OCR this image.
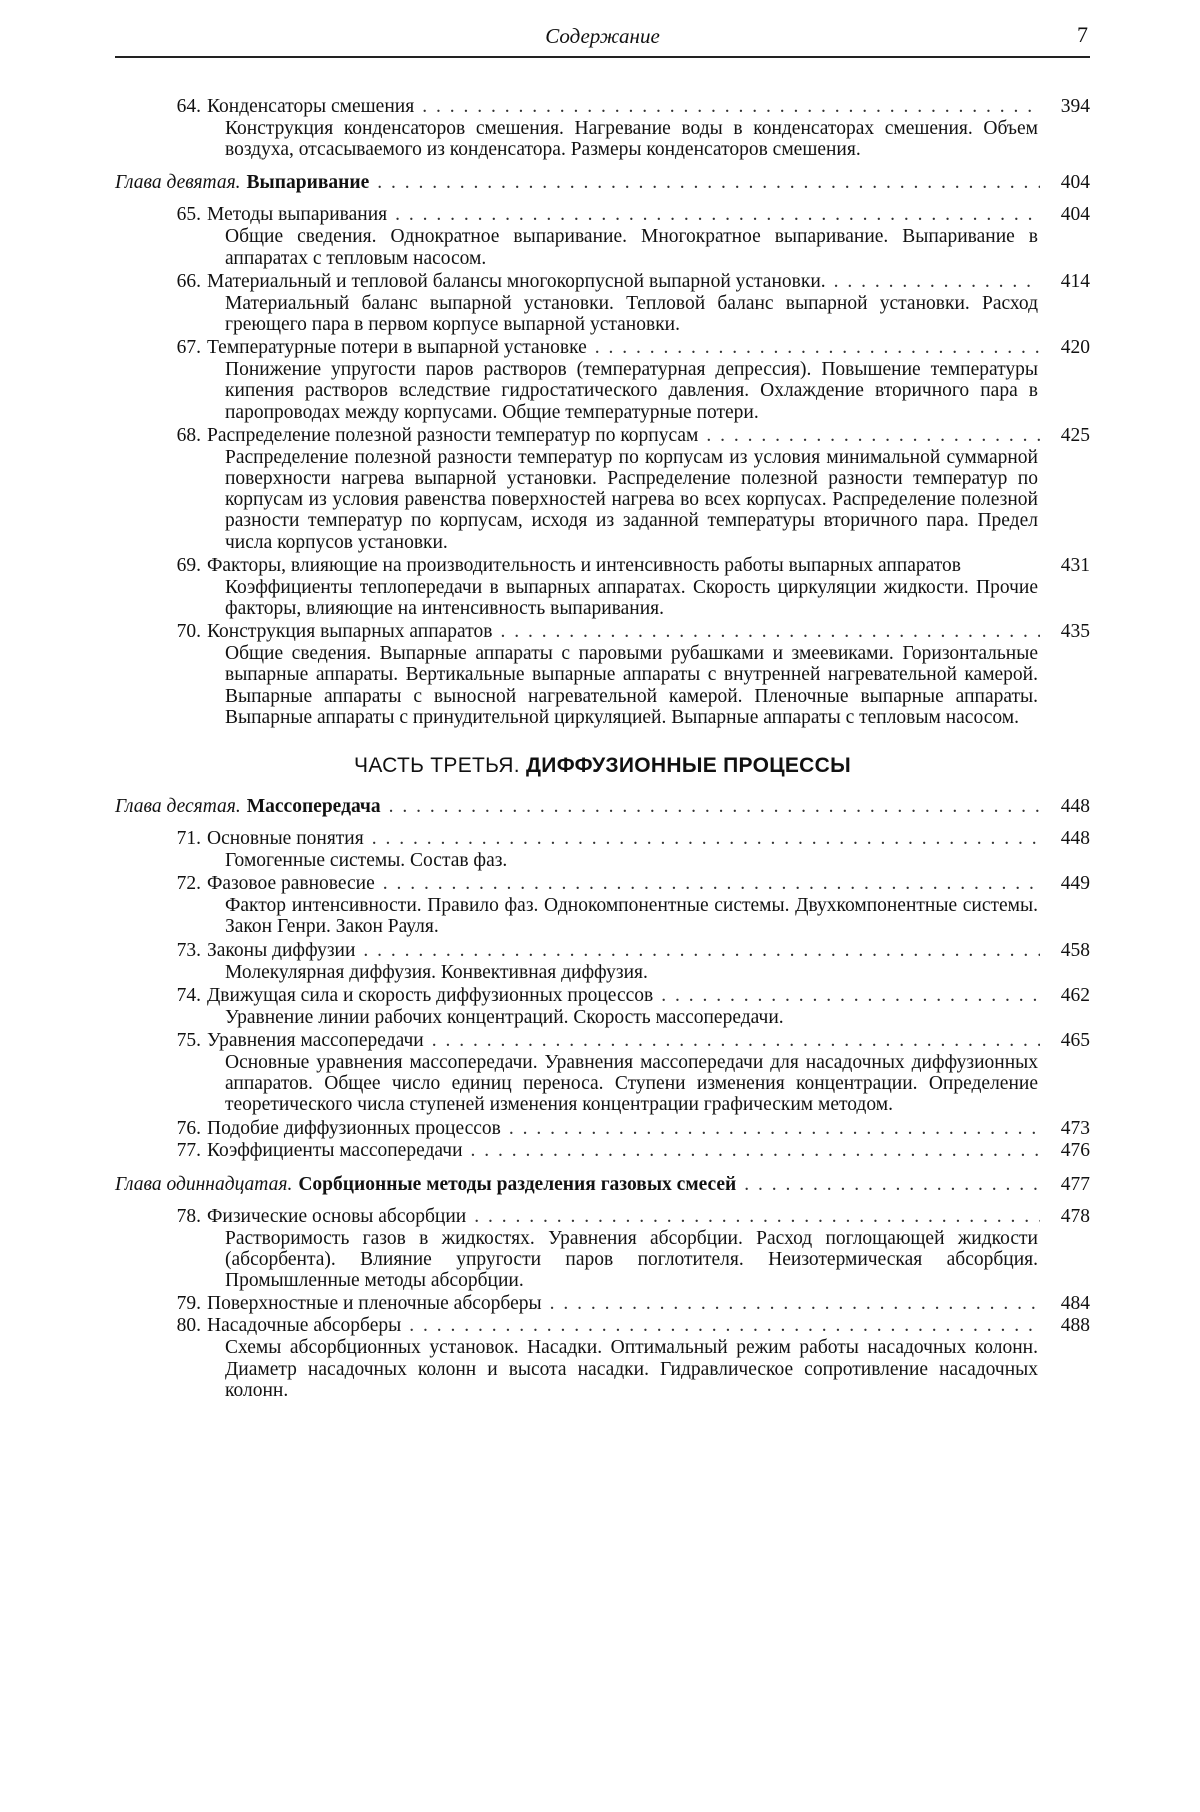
Содержание	7
64. Конденсаторы смешения . . .	394
Конструкция конденсаторов смешения. Нагревание воды в конденсаторах смешения. Объем воздуха, отсасываемого из конденсатора. Размеры конденсаторов смешения.
Глава девятая. Выпаривание . . .	404
65. Методы выпаривания . . .	404
Общие сведения. Однократное выпаривание. Многократное выпаривание. Выпаривание в аппаратах с тепловым насосом.
66. Материальный и тепловой балансы многокорпусной выпарной установки. . . .	414
Материальный баланс выпарной установки. Тепловой баланс выпарной установки. Расход греющего пара в первом корпусе выпарной установки.
67. Температурные потери в выпарной установке . . .	420
Понижение упругости паров растворов (температурная депрессия). Повышение температуры кипения растворов вследствие гидростатического давления. Охлаждение вторичного пара в паропроводах между корпусами. Общие температурные потери.
68. Распределение полезной разности температур по корпусам . . .	425
Распределение полезной разности температур по корпусам из условия минимальной суммарной поверхности нагрева выпарной установки. Распределение полезной разности температур по корпусам из условия равенства поверхностей нагрева во всех корпусах. Распределение полезной разности температур по корпусам, исходя из заданной температуры вторичного пара. Предел числа корпусов установки.
69. Факторы, влияющие на производительность и интенсивность работы выпарных аппаратов	431
Коэффициенты теплопередачи в выпарных аппаратах. Скорость циркуляции жидкости. Прочие факторы, влияющие на интенсивность выпаривания.
70. Конструкция выпарных аппаратов . . .	435
Общие сведения. Выпарные аппараты с паровыми рубашками и змеевиками. Горизонтальные выпарные аппараты. Вертикальные выпарные аппараты с внутренней нагревательной камерой. Выпарные аппараты с выносной нагревательной камерой. Пленочные выпарные аппараты. Выпарные аппараты с принудительной циркуляцией. Выпарные аппараты с тепловым насосом.
ЧАСТЬ ТРЕТЬЯ. ДИФФУЗИОННЫЕ ПРОЦЕССЫ
Глава десятая. Массопередача . . .	448
71. Основные понятия . . .	448
Гомогенные системы. Состав фаз.
72. Фазовое равновесие . . .	449
Фактор интенсивности. Правило фаз. Однокомпонентные системы. Двухкомпонентные системы. Закон Генри. Закон Рауля.
73. Законы диффузии . . .	458
Молекулярная диффузия. Конвективная диффузия.
74. Движущая сила и скорость диффузионных процессов . . .	462
Уравнение линии рабочих концентраций. Скорость массопередачи.
75. Уравнения массопередачи . . .	465
Основные уравнения массопередачи. Уравнения массопередачи для насадочных диффузионных аппаратов. Общее число единиц переноса. Ступени изменения концентрации. Определение теоретического числа ступеней изменения концентрации графическим методом.
76. Подобие диффузионных процессов . . .	473
77. Коэффициенты массопередачи . . .	476
Глава одиннадцатая. Сорбционные методы разделения газовых смесей . . .	477
78. Физические основы абсорбции . . .	478
Растворимость газов в жидкостях. Уравнения абсорбции. Расход поглощающей жидкости (абсорбента). Влияние упругости паров поглотителя. Неизотермическая абсорбция. Промышленные методы абсорбции.
79. Поверхностные и пленочные абсорберы . . .	484
80. Насадочные абсорберы . . .	488
Схемы абсорбционных установок. Насадки. Оптимальный режим работы насадочных колонн. Диаметр насадочных колонн и высота насадки. Гидравлическое сопротивление насадочных колонн.
